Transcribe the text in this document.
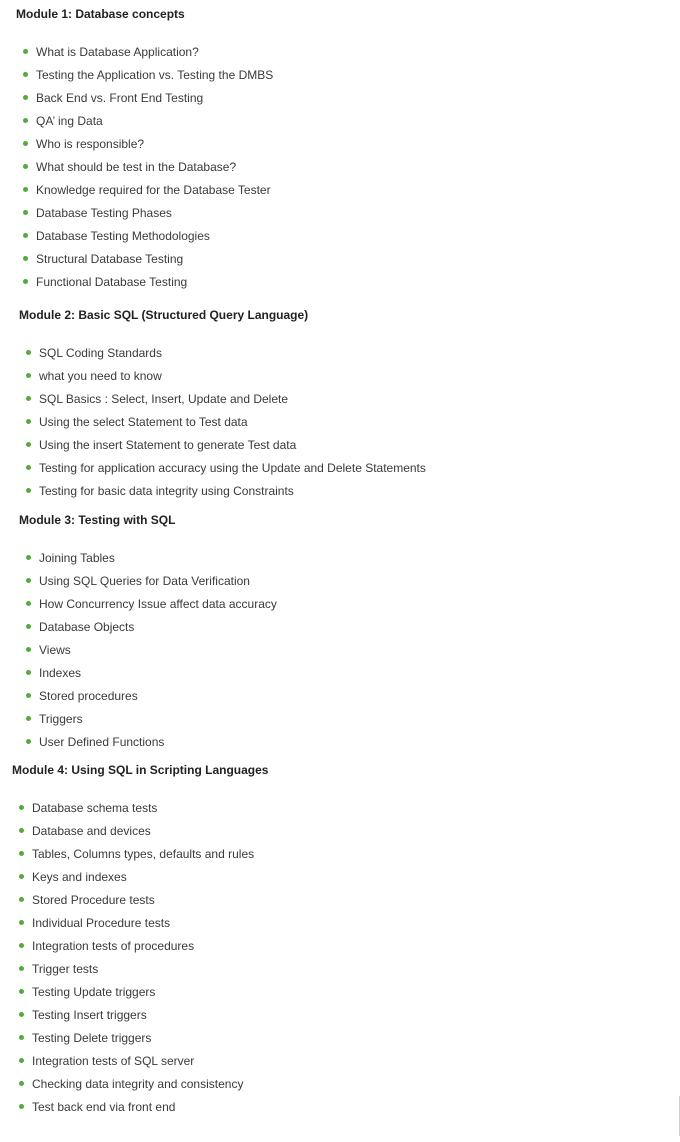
Module 1: Database concepts
What is Database Application?
Testing the Application vs. Testing the DMBS
Back End vs. Front End Testing
QA’ ing Data
Who is responsible?
What should be test in the Database?
Knowledge required for the Database Tester
Database Testing Phases
Database Testing Methodologies
Structural Database Testing
Functional Database Testing
Module 2: Basic SQL (Structured Query Language)
SQL Coding Standards
what you need to know
SQL Basics : Select, Insert, Update and Delete
Using the select Statement to Test data
Using the insert Statement to generate Test data
Testing for application accuracy using the Update and Delete Statements
Testing for basic data integrity using Constraints
Module 3: Testing with SQL
Joining Tables
Using SQL Queries for Data Verification
How Concurrency Issue affect data accuracy
Database Objects
Views
Indexes
Stored procedures
Triggers
User Defined Functions
Module 4: Using SQL in Scripting Languages
Database schema tests
Database and devices
Tables, Columns types, defaults and rules
Keys and indexes
Stored Procedure tests
Individual Procedure tests
Integration tests of procedures
Trigger tests
Testing Update triggers
Testing Insert triggers
Testing Delete triggers
Integration tests of SQL server
Checking data integrity and consistency
Test back end via front end
